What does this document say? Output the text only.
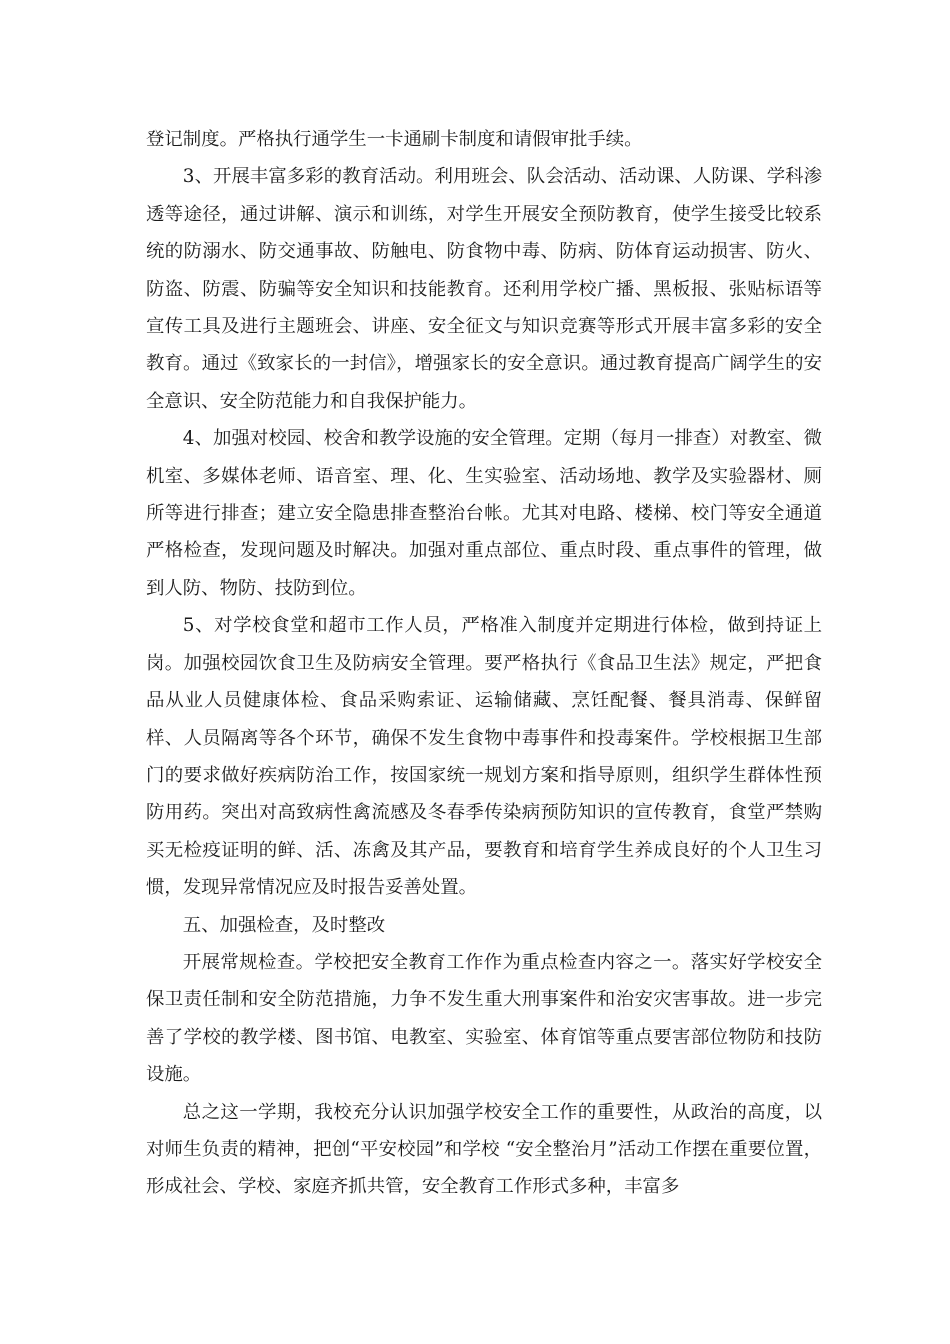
登记制度。严格执行通学生一卡通刷卡制度和请假审批手续。

3、开展丰富多彩的教育活动。利用班会、队会活动、活动课、人防课、学科渗透等途径，通过讲解、演示和训练，对学生开展安全预防教育，使学生接受比较系统的防溺水、防交通事故、防触电、防食物中毒、防病、防体育运动损害、防火、防盗、防震、防骗等安全知识和技能教育。还利用学校广播、黑板报、张贴标语等宣传工具及进行主题班会、讲座、安全征文与知识竞赛等形式开展丰富多彩的安全教育。通过《致家长的一封信》，增强家长的安全意识。通过教育提高广阔学生的安全意识、安全防范能力和自我保护能力。

4、加强对校园、校舍和教学设施的安全管理。定期（每月一排查）对教室、微机室、多媒体老师、语音室、理、化、生实验室、活动场地、教学及实验器材、厕所等进行排查；建立安全隐患排查整治台帐。尤其对电路、楼梯、校门等安全通道严格检查，发现问题及时解决。加强对重点部位、重点时段、重点事件的管理，做到人防、物防、技防到位。

5、对学校食堂和超市工作人员，严格准入制度并定期进行体检，做到持证上岗。加强校园饮食卫生及防病安全管理。要严格执行《食品卫生法》规定，严把食品从业人员健康体检、食品采购索证、运输储藏、烹饪配餐、餐具消毒、保鲜留样、人员隔离等各个环节，确保不发生食物中毒事件和投毒案件。学校根据卫生部门的要求做好疾病防治工作，按国家统一规划方案和指导原则，组织学生群体性预防用药。突出对高致病性禽流感及冬春季传染病预防知识的宣传教育，食堂严禁购买无检疫证明的鲜、活、冻禽及其产品，要教育和培育学生养成良好的个人卫生习惯，发现异常情况应及时报告妥善处置。

五、加强检查，及时整改

开展常规检查。学校把安全教育工作作为重点检查内容之一。落实好学校安全保卫责任制和安全防范措施，力争不发生重大刑事案件和治安灾害事故。进一步完善了学校的教学楼、图书馆、电教室、实验室、体育馆等重点要害部位物防和技防设施。

总之这一学期，我校充分认识加强学校安全工作的重要性，从政治的高度，以对师生负责的精神，把创“平安校园”和学校 “安全整治月”活动工作摆在重要位置，形成社会、学校、家庭齐抓共管，安全教育工作形式多种，丰富多
